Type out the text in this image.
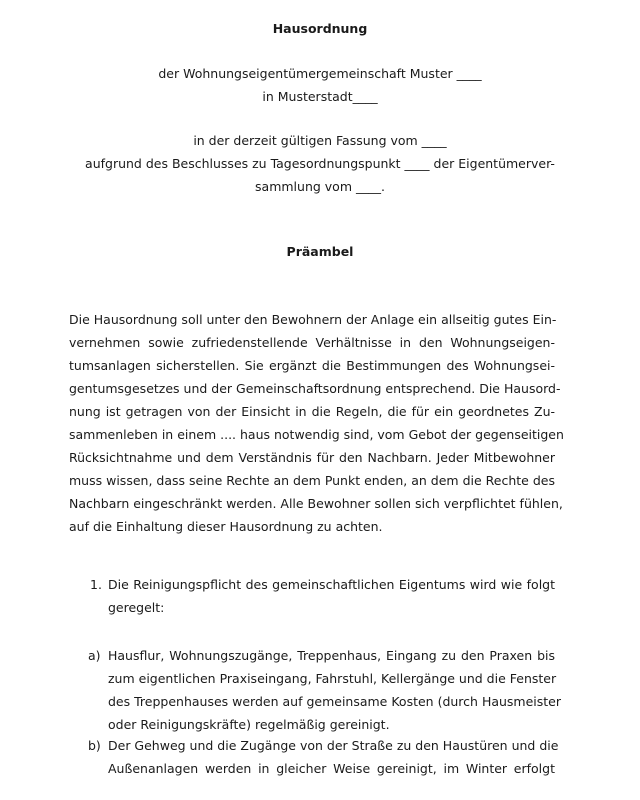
Hausordnung
der Wohnungseigentümergemeinschaft Muster ____
in Musterstadt____
in der derzeit gültigen Fassung vom ____
aufgrund des Beschlusses zu Tagesordnungspunkt ____ der Eigentümerver-
sammlung vom ____.
Präambel
Die Hausordnung soll unter den Bewohnern der Anlage ein allseitig gutes Ein-
vernehmen sowie zufriedenstellende Verhältnisse in den Wohnungseigen-
tumsanlagen sicherstellen. Sie ergänzt die Bestimmungen des Wohnungsei-
gentumsgesetzes und der Gemeinschaftsordnung entsprechend. Die Hausord-
nung ist getragen von der Einsicht in die Regeln, die für ein geordnetes Zu-
sammenleben in einem .... haus notwendig sind, vom Gebot der gegenseitigen
Rücksichtnahme und dem Verständnis für den Nachbarn. Jeder Mitbewohner
muss wissen, dass seine Rechte an dem Punkt enden, an dem die Rechte des
Nachbarn eingeschränkt werden. Alle Bewohner sollen sich verpflichtet fühlen,
auf die Einhaltung dieser Hausordnung zu achten.
1. Die Reinigungspflicht des gemeinschaftlichen Eigentums wird wie folgt
geregelt:
a) Hausflur, Wohnungszugänge, Treppenhaus, Eingang zu den Praxen bis
zum eigentlichen Praxiseingang, Fahrstuhl, Kellergänge und die Fenster
des Treppenhauses werden auf gemeinsame Kosten (durch Hausmeister
oder Reinigungskräfte) regelmäßig gereinigt.
b) Der Gehweg und die Zugänge von der Straße zu den Haustüren und die
Außenanlagen werden in gleicher Weise gereinigt, im Winter erfolgt
